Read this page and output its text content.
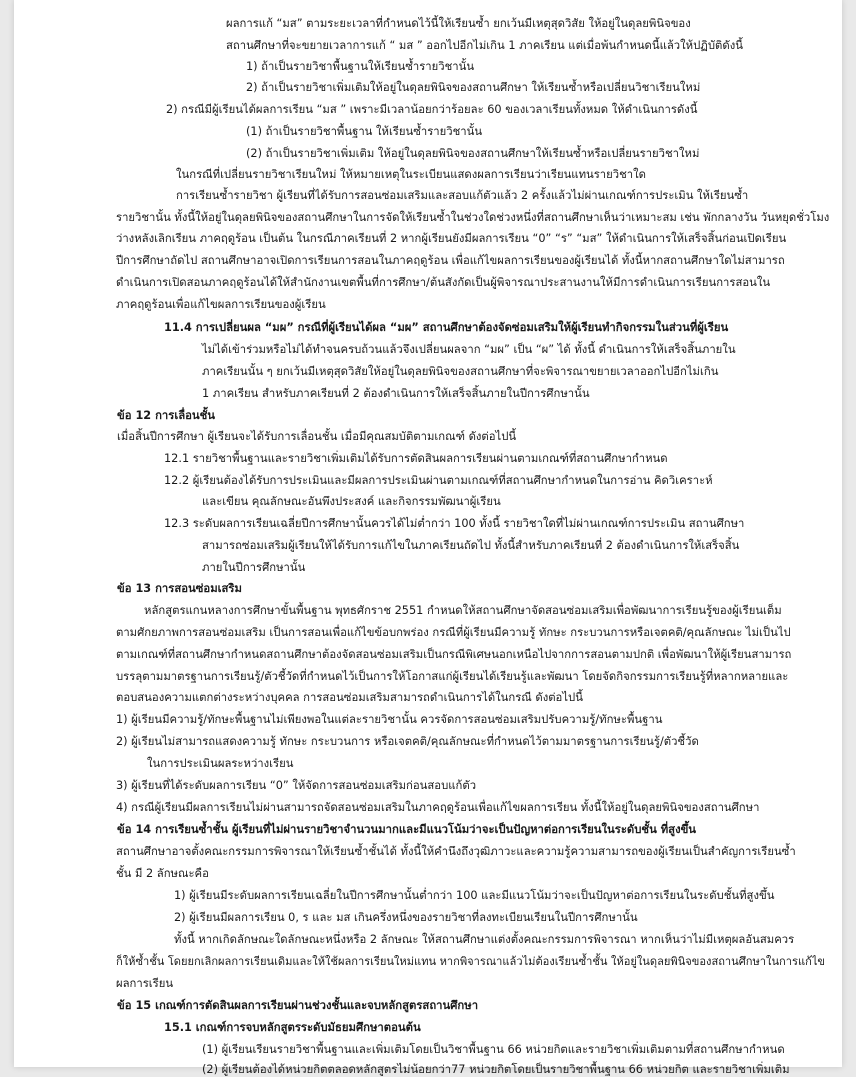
ผลการแก้ “มส” ตามระยะเวลาที่กำหนดไว้นี้ให้เรียนซ้ำ ยกเว้นมีเหตุสุดวิสัย ให้อยู่ในดุลยพินิจของ
สถานศึกษาที่จะขยายเวลาการแก้ “ มส ” ออกไปอีกไม่เกิน 1 ภาคเรียน แต่เมื่อพ้นกำหนดนี้แล้วให้ปฏิบัติดังนี้
1) ถ้าเป็นรายวิชาพื้นฐานให้เรียนซ้ำรายวิชานั้น
2) ถ้าเป็นรายวิชาเพิ่มเติมให้อยู่ในดุลยพินิจของสถานศึกษา ให้เรียนซ้ำหรือเปลี่ยนวิชาเรียนใหม่
2) กรณีมีผู้เรียนได้ผลการเรียน “มส ” เพราะมีเวลาน้อยกว่าร้อยละ 60 ของเวลาเรียนทั้งหมด ให้ดำเนินการดังนี้
(1) ถ้าเป็นรายวิชาพื้นฐาน ให้เรียนซ้ำรายวิชานั้น
(2) ถ้าเป็นรายวิชาเพิ่มเติม ให้อยู่ในดุลยพินิจของสถานศึกษาให้เรียนซ้ำหรือเปลี่ยนรายวิชาใหม่
ในกรณีที่เปลี่ยนรายวิชาเรียนใหม่ ให้หมายเหตุในระเบียนแสดงผลการเรียนว่าเรียนแทนรายวิชาใด
การเรียนซ้ำรายวิชา ผู้เรียนที่ได้รับการสอนซ่อมเสริมและสอบแก้ตัวแล้ว 2 ครั้งแล้วไม่ผ่านเกณฑ์การประเมิน ให้เรียนซ้ำ
รายวิชานั้น ทั้งนี้ให้อยู่ในดุลยพินิจของสถานศึกษาในการจัดให้เรียนซ้ำในช่วงใดช่วงหนึ่งที่สถานศึกษาเห็นว่าเหมาะสม เช่น พักกลางวัน วันหยุดชั่วโมง
ว่างหลังเลิกเรียน ภาคฤดูร้อน เป็นต้น ในกรณีภาคเรียนที่ 2 หากผู้เรียนยังมีผลการเรียน “0” “ร” “มส” ให้ดำเนินการให้เสร็จสิ้นก่อนเปิดเรียน
ปีการศึกษาถัดไป สถานศึกษาอาจเปิดการเรียนการสอนในภาคฤดูร้อน เพื่อแก้ไขผลการเรียนของผู้เรียนได้ ทั้งนี้หากสถานศึกษาใดไม่สามารถ
ดำเนินการเปิดสอนภาคฤดูร้อนได้ให้สำนักงานเขตพื้นที่การศึกษา/ต้นสังกัดเป็นผู้พิจารณาประสานงานให้มีการดำเนินการเรียนการสอนใน
ภาคฤดูร้อนเพื่อแก้ไขผลการเรียนของผู้เรียน
11.4 การเปลี่ยนผล “มผ” กรณีที่ผู้เรียนได้ผล “มผ” สถานศึกษาต้องจัดซ่อมเสริมให้ผู้เรียนทำกิจกรรมในส่วนที่ผู้เรียน
ไม่ได้เข้าร่วมหรือไม่ได้ทำจนครบถ้วนแล้วจึงเปลี่ยนผลจาก “มผ” เป็น “ผ” ได้ ทั้งนี้ ดำเนินการให้เสร็จสิ้นภายใน
ภาคเรียนนั้น ๆ ยกเว้นมีเหตุสุดวิสัยให้อยู่ในดุลยพินิจของสถานศึกษาที่จะพิจารณาขยายเวลาออกไปอีกไม่เกิน
1 ภาคเรียน สำหรับภาคเรียนที่ 2 ต้องดำเนินการให้เสร็จสิ้นภายในปีการศึกษานั้น
ข้อ 12 การเลื่อนชั้น
เมื่อสิ้นปีการศึกษา ผู้เรียนจะได้รับการเลื่อนชั้น เมื่อมีคุณสมบัติตามเกณฑ์ ดังต่อไปนี้
12.1 รายวิชาพื้นฐานและรายวิชาเพิ่มเติมได้รับการตัดสินผลการเรียนผ่านตามเกณฑ์ที่สถานศึกษากำหนด
12.2 ผู้เรียนต้องได้รับการประเมินและมีผลการประเมินผ่านตามเกณฑ์ที่สถานศึกษากำหนดในการอ่าน คิดวิเคราะห์
และเขียน คุณลักษณะอันพึงประสงค์ และกิจกรรมพัฒนาผู้เรียน
12.3 ระดับผลการเรียนเฉลี่ยปีการศึกษานั้นควรได้ไม่ต่ำกว่า 100 ทั้งนี้ รายวิชาใดที่ไม่ผ่านเกณฑ์การประเมิน สถานศึกษา
สามารถซ่อมเสริมผู้เรียนให้ได้รับการแก้ไขในภาคเรียนถัดไป ทั้งนี้สำหรับภาคเรียนที่ 2 ต้องดำเนินการให้เสร็จสิ้น
ภายในปีการศึกษานั้น
ข้อ 13 การสอนซ่อมเสริม
หลักสูตรแกนหลางการศึกษาขั้นพื้นฐาน พุทธศักราช 2551 กำหนดให้สถานศึกษาจัดสอนซ่อมเสริมเพื่อพัฒนาการเรียนรู้ของผู้เรียนเต็ม
ตามศักยภาพการสอนซ่อมเสริม เป็นการสอนเพื่อแก้ไขข้อบกพร่อง กรณีที่ผู้เรียนมีความรู้ ทักษะ กระบวนการหรือเจตคติ/คุณลักษณะ ไม่เป็นไป
ตามเกณฑ์ที่สถานศึกษากำหนดสถานศึกษาต้องจัดสอนซ่อมเสริมเป็นกรณีพิเศษนอกเหนือไปจากการสอนตามปกติ เพื่อพัฒนาให้ผู้เรียนสามารถ
บรรลุตามมาตรฐานการเรียนรู้/ตัวชี้วัดที่กำหนดไว้เป็นการให้โอกาสแก่ผู้เรียนได้เรียนรู้และพัฒนา โดยจัดกิจกรรมการเรียนรู้ที่หลากหลายและ
ตอบสนองความแตกต่างระหว่างบุคคล การสอนซ่อมเสริมสามารถดำเนินการได้ในกรณี ดังต่อไปนี้
1) ผู้เรียนมีความรู้/ทักษะพื้นฐานไม่เพียงพอในแต่ละรายวิชานั้น ควรจัดการสอนซ่อมเสริมปรับความรู้/ทักษะพื้นฐาน
2) ผู้เรียนไม่สามารถแสดงความรู้ ทักษะ กระบวนการ หรือเจตคติ/คุณลักษณะที่กำหนดไว้ตามมาตรฐานการเรียนรู้/ตัวชี้วัด
ในการประเมินผลระหว่างเรียน
3) ผู้เรียนที่ได้ระดับผลการเรียน “0” ให้จัดการสอนซ่อมเสริมก่อนสอบแก้ตัว
4) กรณีผู้เรียนมีผลการเรียนไม่ผ่านสามารถจัดสอนซ่อมเสริมในภาคฤดูร้อนเพื่อแก้ไขผลการเรียน ทั้งนี้ให้อยู่ในดุลยพินิจของสถานศึกษา
ข้อ 14 การเรียนซ้ำชั้น ผู้เรียนที่ไม่ผ่านรายวิชาจำนวนมากและมีแนวโน้มว่าจะเป็นปัญหาต่อการเรียนในระดับชั้น ที่สูงขึ้น
สถานศึกษาอาจตั้งคณะกรรมการพิจารณาให้เรียนซ้ำชั้นได้ ทั้งนี้ให้คำนึงถึงวุฒิภาวะและความรู้ความสามารถของผู้เรียนเป็นสำคัญการเรียนซ้ำ
ชั้น มี 2 ลักษณะคือ
1) ผู้เรียนมีระดับผลการเรียนเฉลี่ยในปีการศึกษานั้นต่ำกว่า 100 และมีแนวโน้มว่าจะเป็นปัญหาต่อการเรียนในระดับชั้นที่สูงขึ้น
2) ผู้เรียนมีผลการเรียน 0, ร และ มส เกินครึ่งหนึ่งของรายวิชาที่ลงทะเบียนเรียนในปีการศึกษานั้น
ทั้งนี้ หากเกิดลักษณะใดลักษณะหนึ่งหรือ 2 ลักษณะ ให้สถานศึกษาแต่งตั้งคณะกรรมการพิจารณา หากเห็นว่าไม่มีเหตุผลอันสมควร
ก็ให้ซ้ำชั้น โดยยกเลิกผลการเรียนเดิมและให้ใช้ผลการเรียนใหม่แทน หากพิจารณาแล้วไม่ต้องเรียนซ้ำชั้น ให้อยู่ในดุลยพินิจของสถานศึกษาในการแก้ไข
ผลการเรียน
ข้อ 15 เกณฑ์การตัดสินผลการเรียนผ่านช่วงชั้นและจบหลักสูตรสถานศึกษา
15.1 เกณฑ์การจบหลักสูตรระดับมัธยมศึกษาตอนต้น
(1) ผู้เรียนเรียนรายวิชาพื้นฐานและเพิ่มเติมโดยเป็นวิชาพื้นฐาน 66 หน่วยกิตและรายวิชาเพิ่มเติมตามที่สถานศึกษากำหนด
(2) ผู้เรียนต้องได้หน่วยกิตตลอดหลักสูตรไม่น้อยกว่า77 หน่วยกิตโดยเป็นรายวิชาพื้นฐาน 66 หน่วยกิต และรายวิชาเพิ่มเติม
